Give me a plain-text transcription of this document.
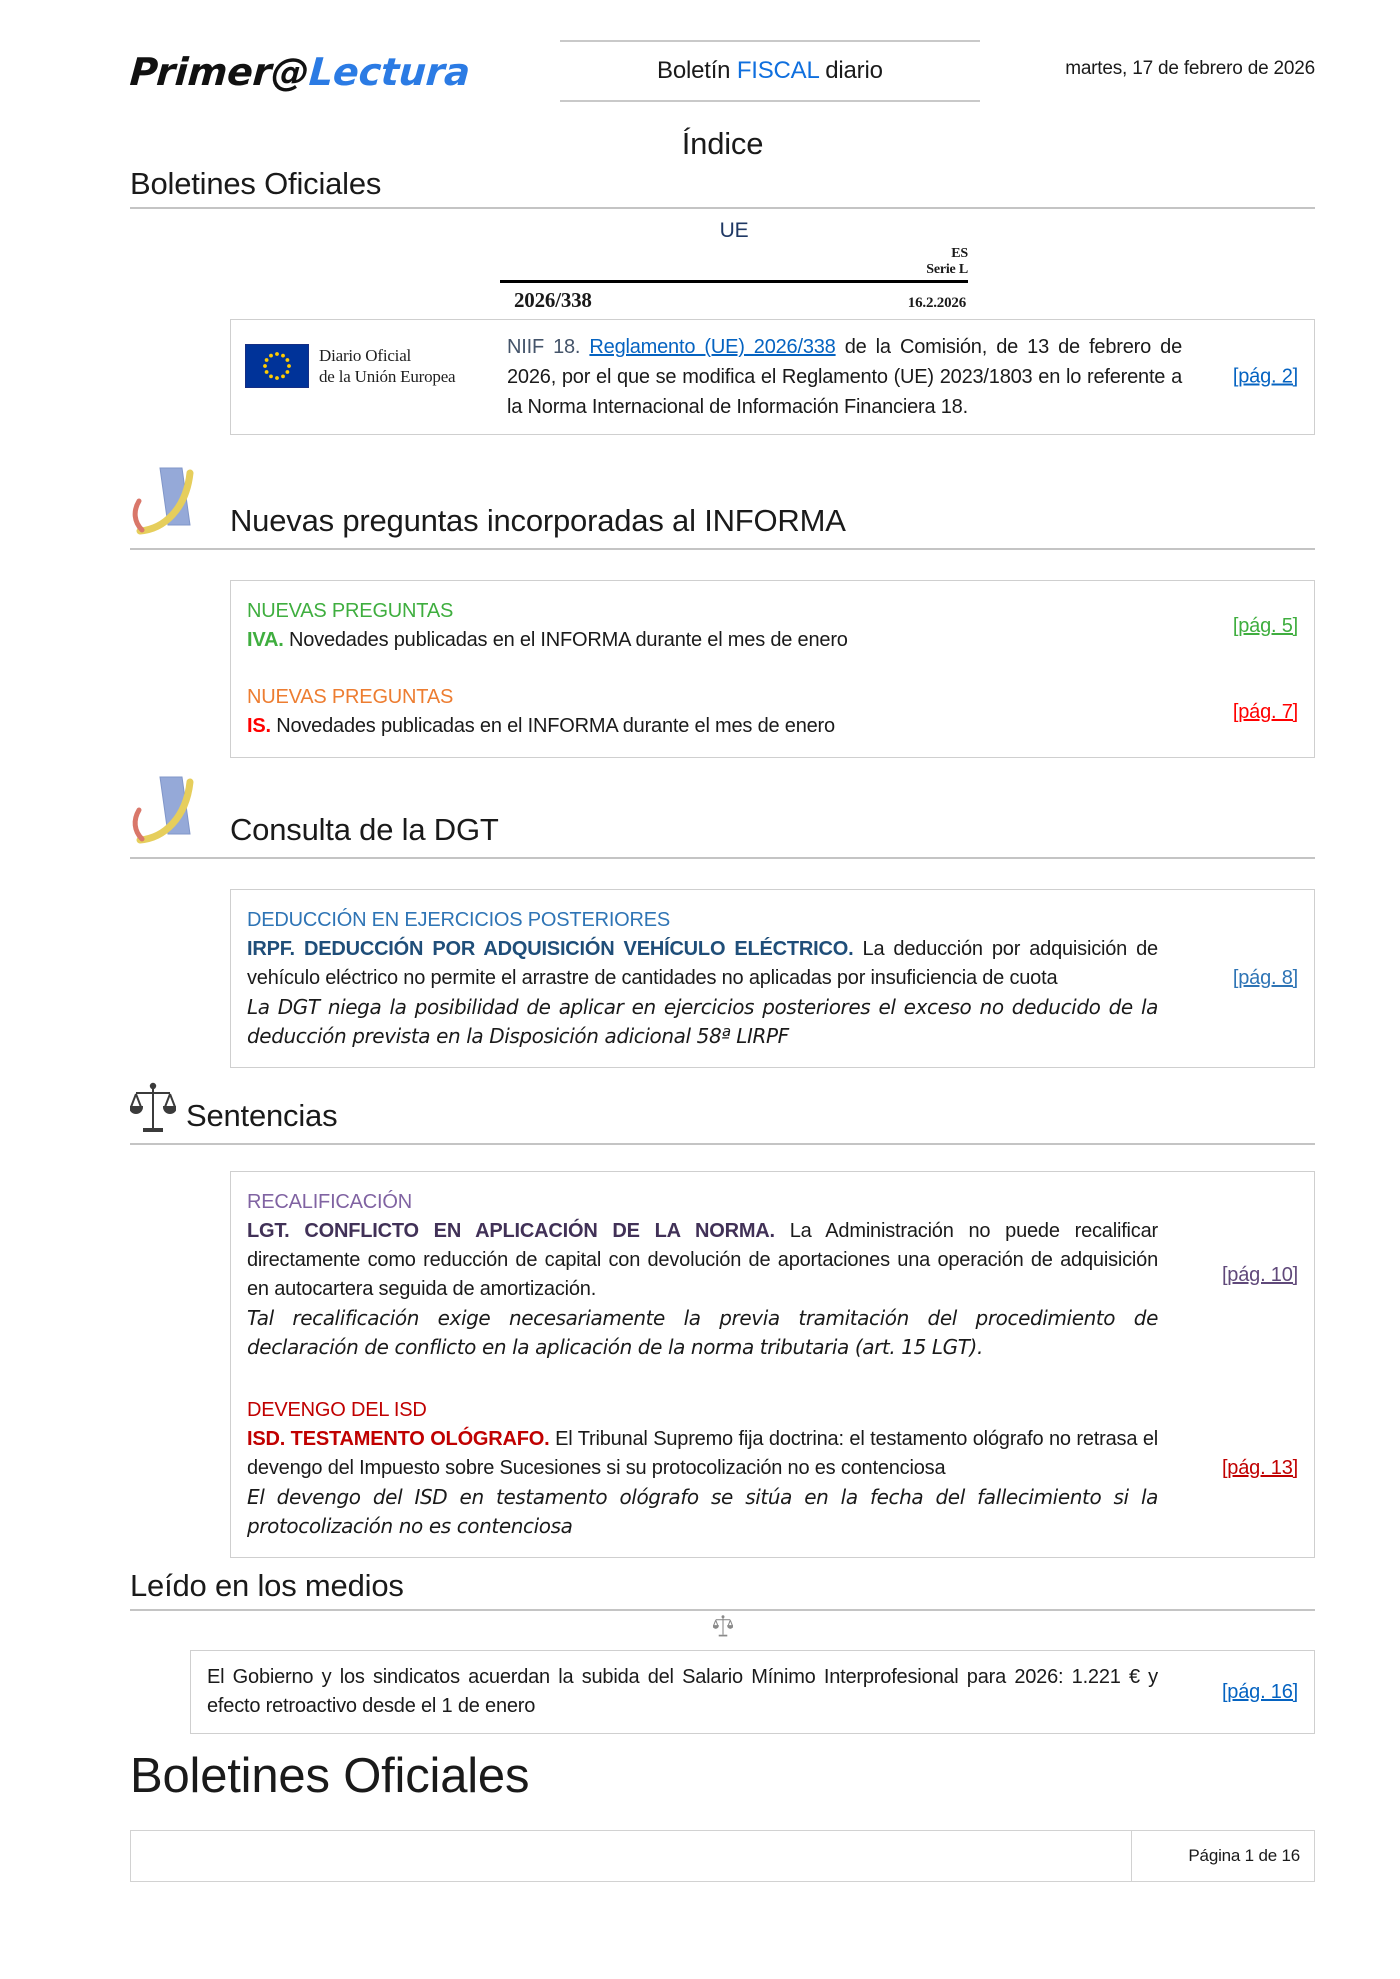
Primer@Lectura	Boletín FISCAL diario	martes, 17 de febrero de 2026
Índice
Boletines Oficiales
UE
ES
Serie L
2026/338	16.2.2026
Diario Oficial
de la Unión Europea
NIIF 18. Reglamento (UE) 2026/338 de la Comisión, de 13 de febrero de 2026, por el que se modifica el Reglamento (UE) 2023/1803 en lo referente a la Norma Internacional de Información Financiera 18.
[pág. 2]
Nuevas preguntas incorporadas al INFORMA
NUEVAS PREGUNTAS
IVA. Novedades publicadas en el INFORMA durante el mes de enero
[pág. 5]
NUEVAS PREGUNTAS
IS. Novedades publicadas en el INFORMA durante el mes de enero
[pág. 7]
Consulta de la DGT
DEDUCCIÓN EN EJERCICIOS POSTERIORES
IRPF. DEDUCCIÓN POR ADQUISICIÓN VEHÍCULO ELÉCTRICO. La deducción por adquisición de vehículo eléctrico no permite el arrastre de cantidades no aplicadas por insuficiencia de cuota
La DGT niega la posibilidad de aplicar en ejercicios posteriores el exceso no deducido de la deducción prevista en la Disposición adicional 58ª LIRPF
[pág. 8]
Sentencias
RECALIFICACIÓN
LGT. CONFLICTO EN APLICACIÓN DE LA NORMA. La Administración no puede recalificar directamente como reducción de capital con devolución de aportaciones una operación de adquisición en autocartera seguida de amortización.
Tal recalificación exige necesariamente la previa tramitación del procedimiento de declaración de conflicto en la aplicación de la norma tributaria (art. 15 LGT).
[pág. 10]
DEVENGO DEL ISD
ISD. TESTAMENTO OLÓGRAFO. El Tribunal Supremo fija doctrina: el testamento ológrafo no retrasa el devengo del Impuesto sobre Sucesiones si su protocolización no es contenciosa
El devengo del ISD en testamento ológrafo se sitúa en la fecha del fallecimiento si la protocolización no es contenciosa
[pág. 13]
Leído en los medios
El Gobierno y los sindicatos acuerdan la subida del Salario Mínimo Interprofesional para 2026: 1.221 € y efecto retroactivo desde el 1 de enero
[pág. 16]
Boletines Oficiales
Página 1 de 16
